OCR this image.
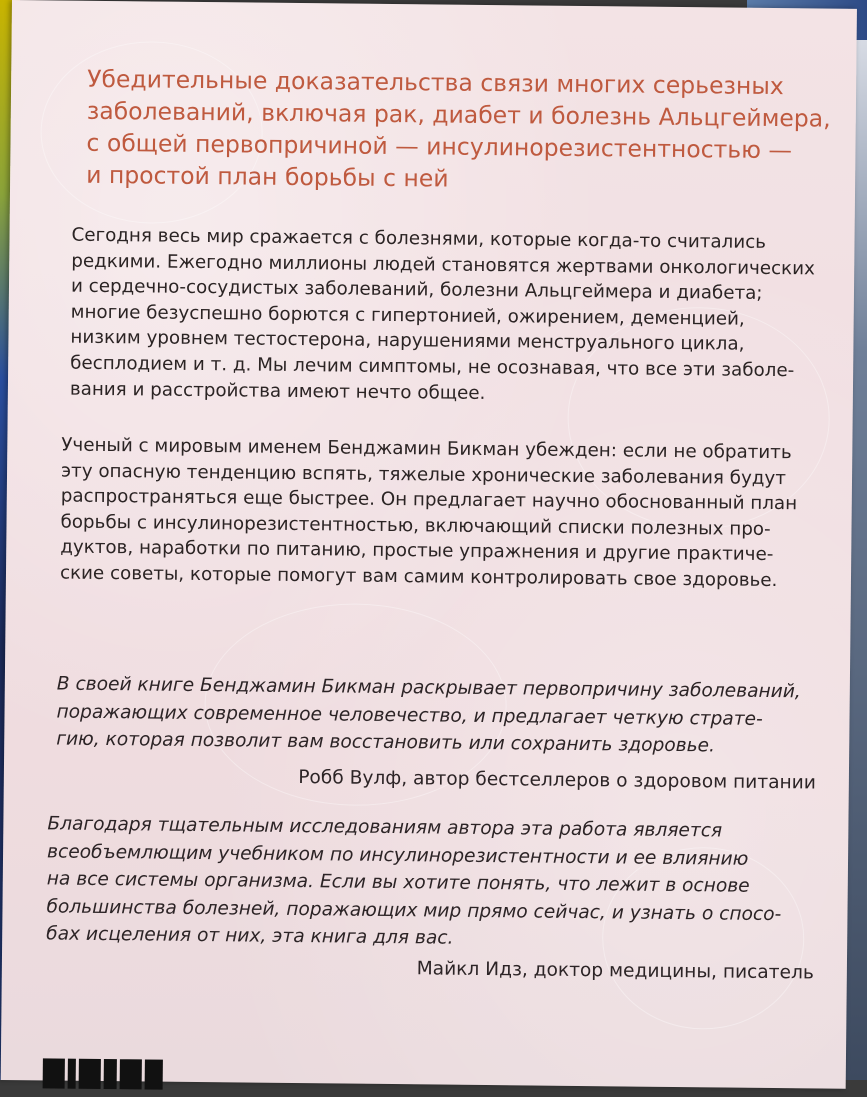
Убедительные доказательства связи многих серьезных
заболеваний, включая рак, диабет и болезнь Альцгеймера,
с общей первопричиной — инсулинорезистентностью —
и простой план борьбы с ней
Сегодня весь мир сражается с болезнями, которые когда-то считались
редкими. Ежегодно миллионы людей становятся жертвами онкологических
и сердечно-сосудистых заболеваний, болезни Альцгеймера и диабета;
многие безуспешно борются с гипертонией, ожирением, деменцией,
низким уровнем тестостерона, нарушениями менструального цикла,
бесплодием и т. д. Мы лечим симптомы, не осознавая, что все эти заболе-
вания и расстройства имеют нечто общее.
Ученый с мировым именем Бенджамин Бикман убежден: если не обратить
эту опасную тенденцию вспять, тяжелые хронические заболевания будут
распространяться еще быстрее. Он предлагает научно обоснованный план
борьбы с инсулинорезистентностью, включающий списки полезных про-
дуктов, наработки по питанию, простые упражнения и другие практиче-
ские советы, которые помогут вам самим контролировать свое здоровье.
В своей книге Бенджамин Бикман раскрывает первопричину заболеваний,
поражающих современное человечество, и предлагает четкую страте-
гию, которая позволит вам восстановить или сохранить здоровье.
Робб Вулф, автор бестселлеров о здоровом питании
Благодаря тщательным исследованиям автора эта работа является
всеобъемлющим учебником по инсулинорезистентности и ее влиянию
на все системы организма. Если вы хотите понять, что лежит в основе
большинства болезней, поражающих мир прямо сейчас, и узнать о спосо-
бах исцеления от них, эта книга для вас.
Майкл Идз, доктор медицины, писатель
